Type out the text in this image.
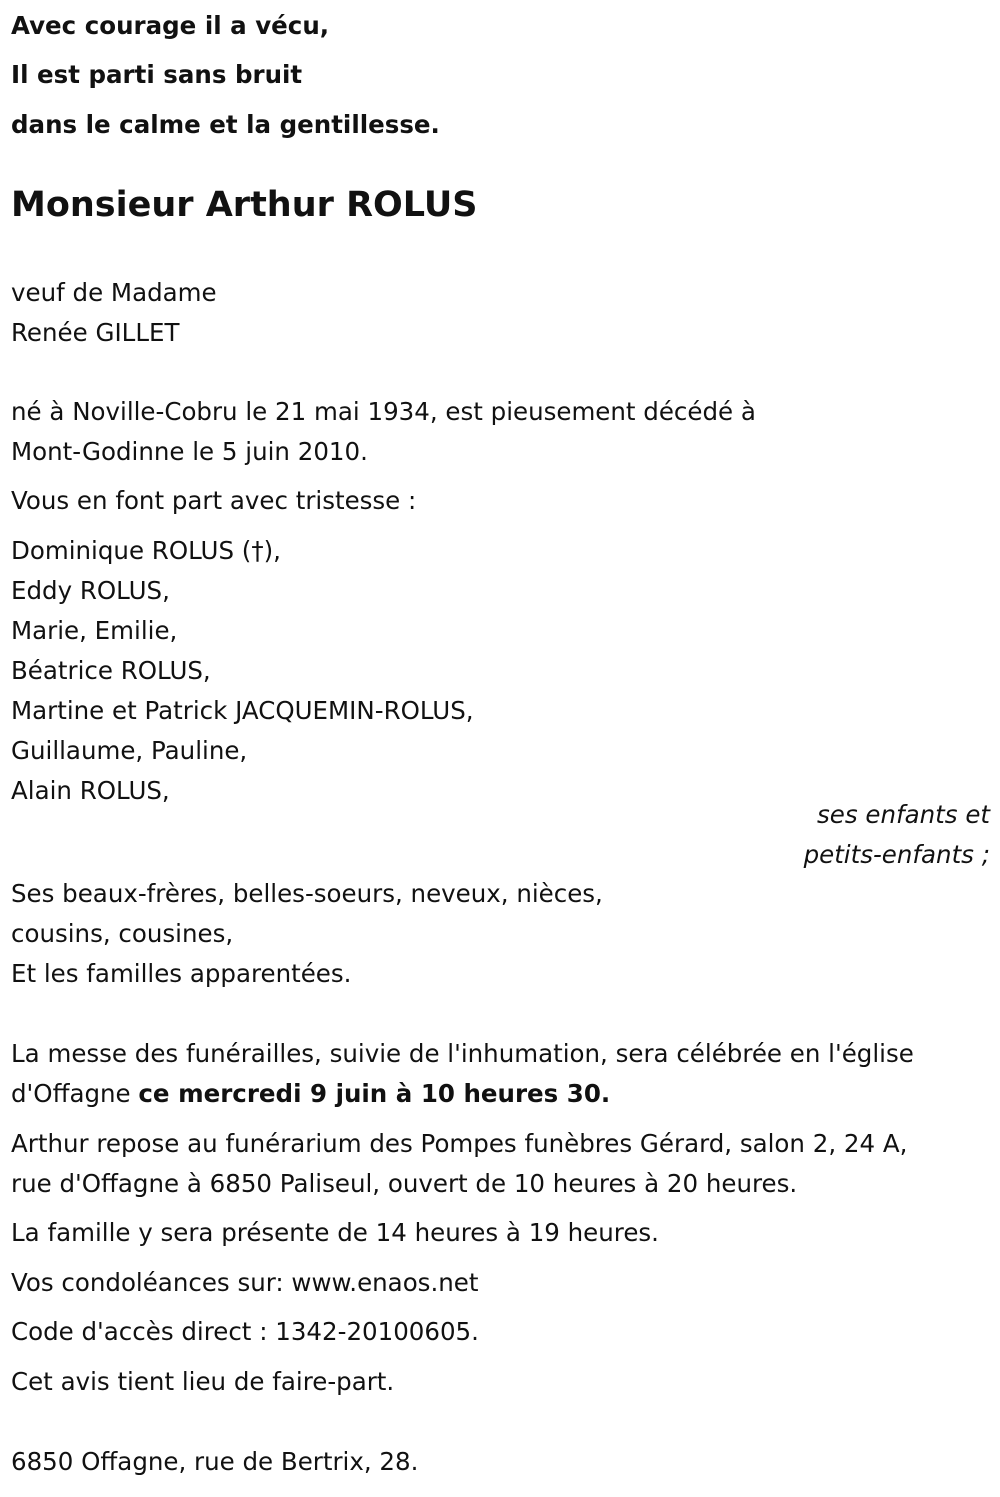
Avec courage il a vécu,

Il est parti sans bruit

dans le calme et la gentillesse.

Monsieur Arthur ROLUS

veuf de Madame

Renée GILLET

né à Noville-Cobru le 21 mai 1934, est pieusement décédé à

Mont-Godinne le 5 juin 2010.

Vous en font part avec tristesse :

Dominique ROLUS (†),

Eddy ROLUS,

Marie, Emilie,

Béatrice ROLUS,

Martine et Patrick JACQUEMIN-ROLUS,

Guillaume, Pauline,

Alain ROLUS,

ses enfants et

petits-enfants ;

Ses beaux-frères, belles-soeurs, neveux, nièces,

cousins, cousines,

Et les familles apparentées.

La messe des funérailles, suivie de l'inhumation, sera célébrée en l'église

d'Offagne ce mercredi 9 juin à 10 heures 30.

Arthur repose au funérarium des Pompes funèbres Gérard, salon 2, 24 A,

rue d'Offagne à 6850 Paliseul, ouvert de 10 heures à 20 heures.

La famille y sera présente de 14 heures à 19 heures.

Vos condoléances sur: www.enaos.net

Code d'accès direct : 1342-20100605.

Cet avis tient lieu de faire-part.

6850 Offagne, rue de Bertrix, 28.
